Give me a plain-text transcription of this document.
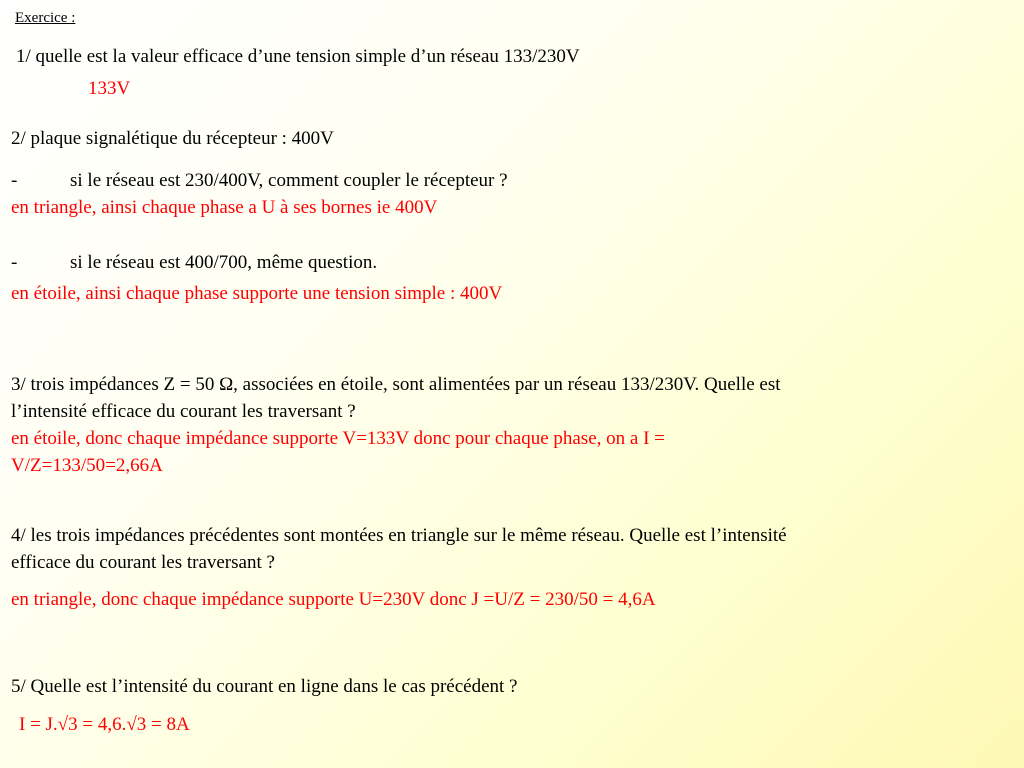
Exercice :

1/ quelle est la valeur efficace d’une tension simple d’un réseau 133/230V

133V

2/ plaque signalétique du récepteur : 400V

-	si le réseau est 230/400V, comment coupler le récepteur ?

en triangle, ainsi chaque phase a U à ses bornes ie 400V

-	si le réseau est 400/700, même question.

en étoile, ainsi chaque phase supporte une tension simple : 400V

3/ trois impédances Z = 50 Ω, associées en étoile, sont alimentées par un réseau 133/230V. Quelle est

l’intensité efficace du courant les traversant ?

en étoile, donc chaque impédance supporte V=133V donc pour chaque phase, on a I =

V/Z=133/50=2,66A

4/ les trois impédances précédentes sont montées en triangle sur le même réseau. Quelle est l’intensité

efficace du courant les traversant ?

en triangle, donc chaque impédance supporte U=230V donc J =U/Z = 230/50 = 4,6A

5/ Quelle est l’intensité du courant en ligne dans le cas précédent ?

I = J.√3 = 4,6.√3 = 8A
